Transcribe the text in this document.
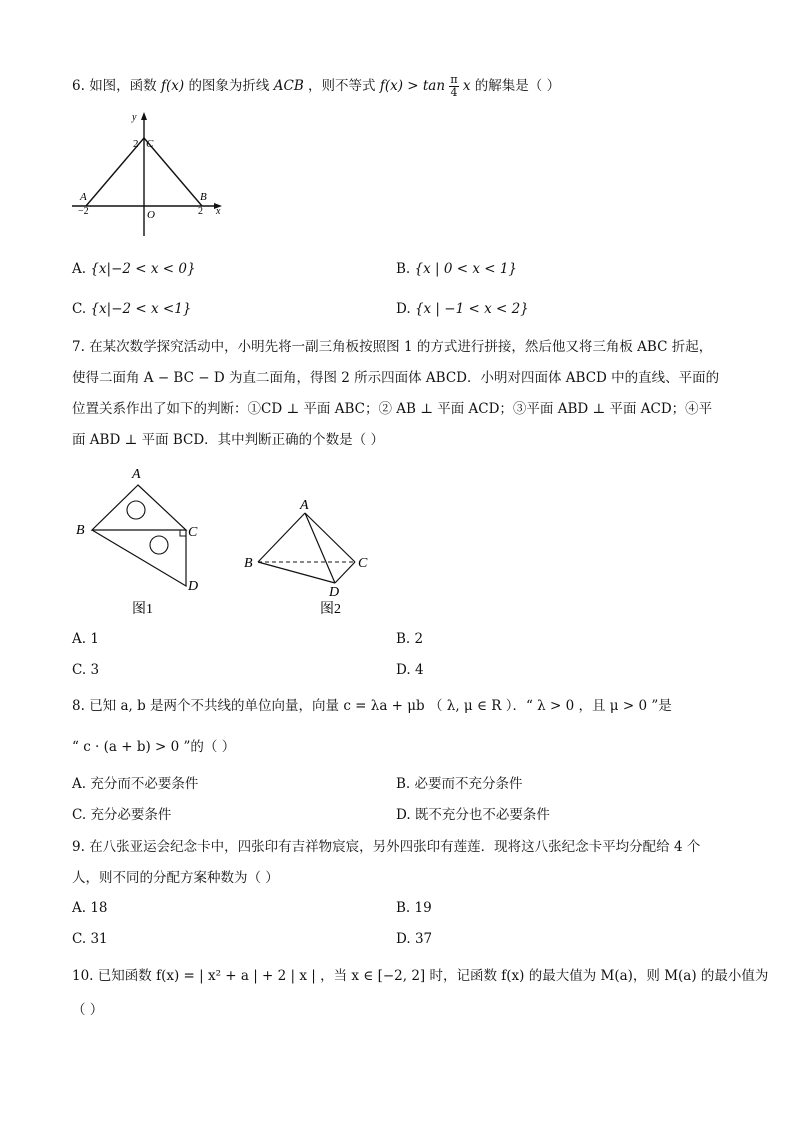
6. 如图，函数 f(x) 的图象为折线 ACB ，则不等式 $f(x) > \tan \frac{\pi}{4}$ x 的解集是（ ）
y
x
C
2
A	B
O
−2	2
A. {x|−2 < x < 0}	B. {x | 0 < x < 1}
C. {x|−2 < x <1}	D. {x | −1 < x < 2}
7. 在某次数学探究活动中，小明先将一副三角板按照图 1 的方式进行拼接，然后他又将三角板 ABC 折起，
使得二面角 A − BC − D 为直二面角，得图 2 所示四面体 ABCD．小明对四面体 ABCD 中的直线、平面的
位置关系作出了如下的判断：①CD ⊥ 平面 ABC；② AB ⊥ 平面 ACD；③平面 ABD ⊥ 平面 ACD；④平
面 ABD ⊥ 平面 BCD．其中判断正确的个数是（ ）
A
B	C
D
图1
A
B	C
D
图2
A. 1	B. 2
C. 3	D. 4
8. 已知 a, b 是两个不共线的单位向量，向量 c = λa + μb （ λ, μ ∈ R ）．“ λ > 0 ，且 μ > 0 ”是
“ c · (a + b) > 0 ”的（ ）
A. 充分而不必要条件	B. 必要而不充分条件
C. 充分必要条件	D. 既不充分也不必要条件
9. 在八张亚运会纪念卡中，四张印有吉祥物宸宸，另外四张印有莲莲．现将这八张纪念卡平均分配给 4 个
人，则不同的分配方案种数为（ ）
A. 18	B. 19
C. 31	D. 37
10. 已知函数 f(x) = | x² + a | + 2 | x | ，当 x ∈ [−2, 2] 时，记函数 f(x) 的最大值为 M(a)，则 M(a) 的最小值为
（ ）
